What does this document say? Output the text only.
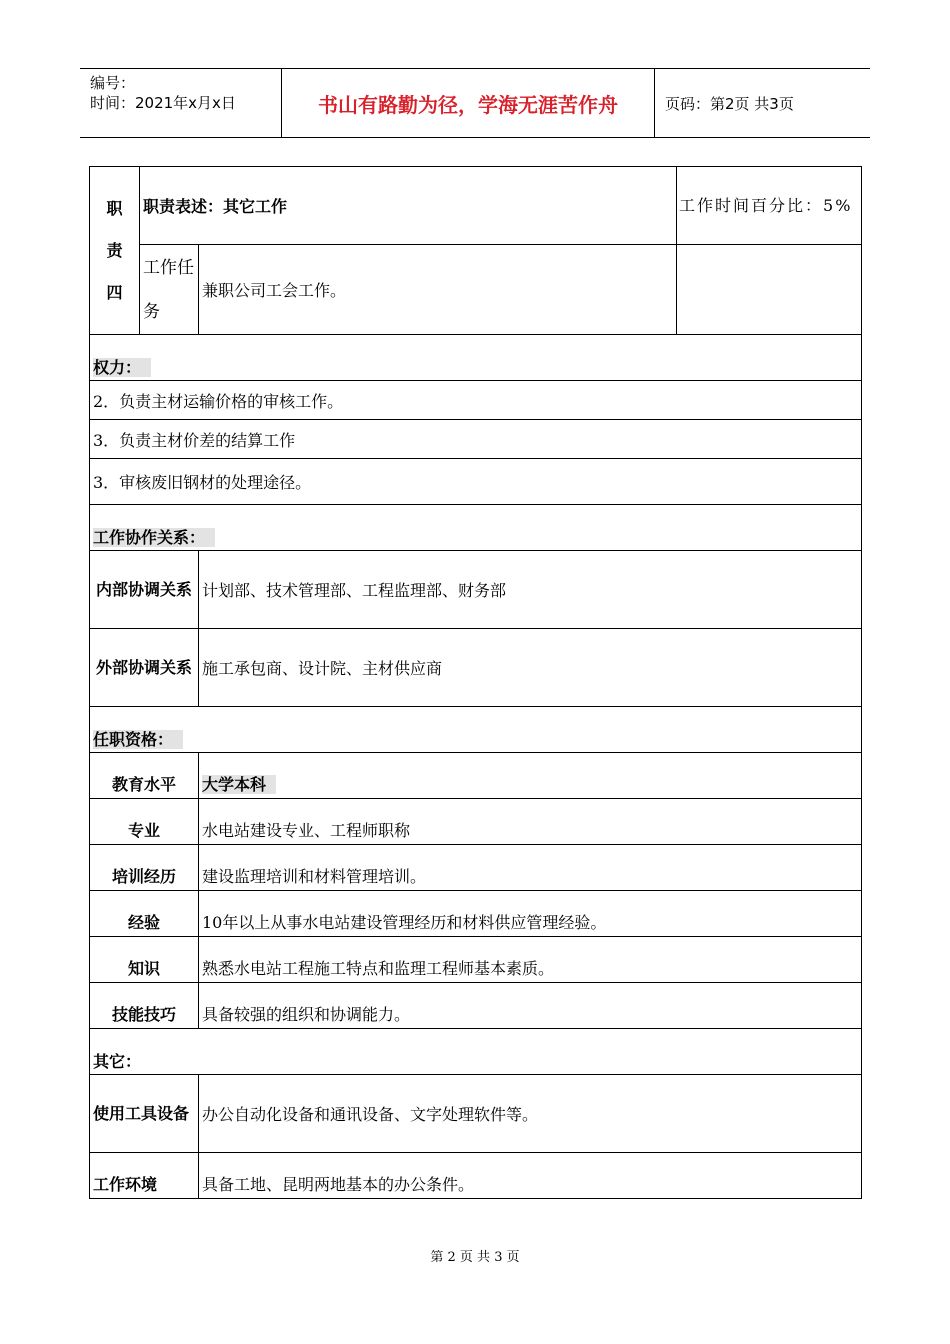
编号：
时间：2021年x月x日	书山有路勤为径，学海无涯苦作舟	页码：第2页 共3页
职
责
四	职责表述：其它工作		工作时间百分比：5%
	工作任务	兼职公司工会工作。	
权力：			
2．负责主材运输价格的审核工作。			
3．负责主材价差的结算工作			
3．审核废旧钢材的处理途径。			
工作协作关系：			
内部协调关系		计划部、技术管理部、工程监理部、财务部	
外部协调关系		施工承包商、设计院、主材供应商	
任职资格：			
教育水平		大学本科	
专业		水电站建设专业、工程师职称	
培训经历		建设监理培训和材料管理培训。	
经验		10年以上从事水电站建设管理经历和材料供应管理经验。	
知识		熟悉水电站工程施工特点和监理工程师基本素质。	
技能技巧		具备较强的组织和协调能力。	
其它：			
使用工具设备		办公自动化设备和通讯设备、文字处理软件等。	
工作环境		具备工地、昆明两地基本的办公条件。	
第 2 页 共 3 页
